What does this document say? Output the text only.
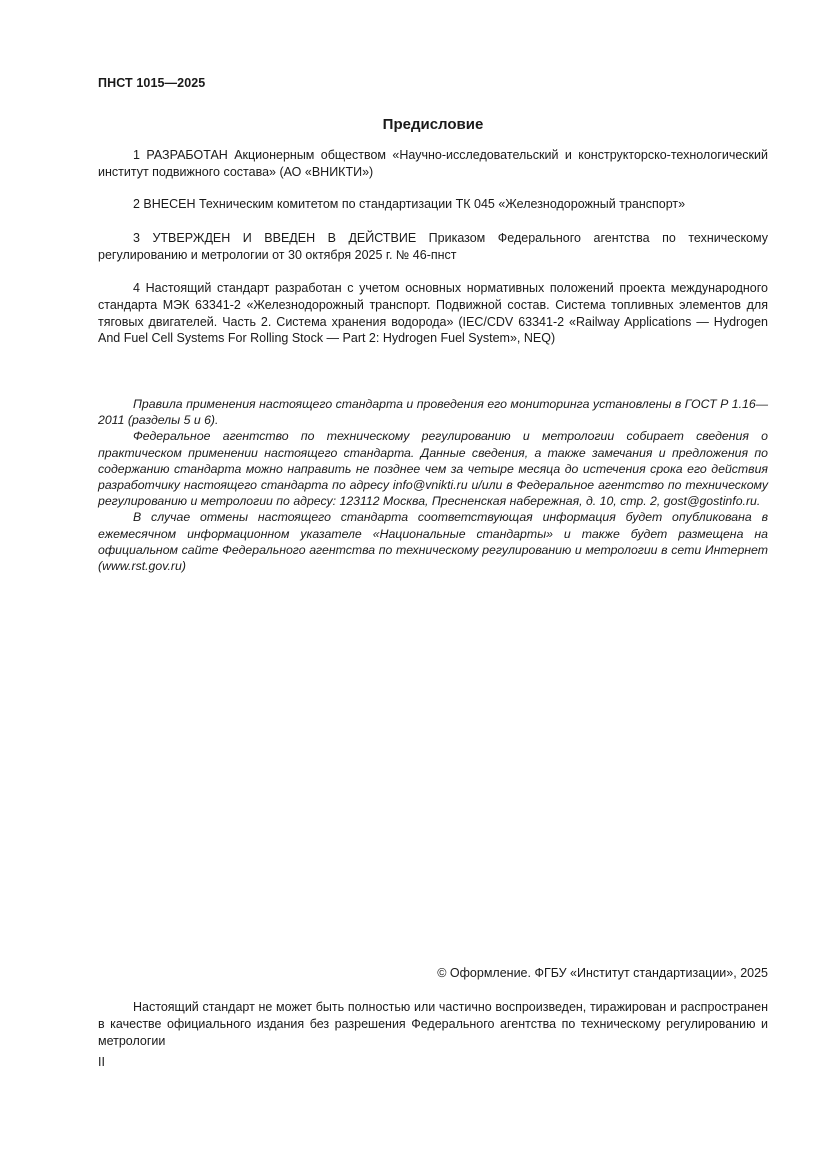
ПНСТ 1015—2025
Предисловие

1 РАЗРАБОТАН Акционерным обществом «Научно-исследовательский и конструкторско-технологический институт подвижного состава» (АО «ВНИКТИ»)

2 ВНЕСЕН Техническим комитетом по стандартизации ТК 045 «Железнодорожный транспорт»

3 УТВЕРЖДЕН И ВВЕДЕН В ДЕЙСТВИЕ Приказом Федерального агентства по техническому регулированию и метрологии от 30 октября 2025 г. № 46-пнст

4 Настоящий стандарт разработан с учетом основных нормативных положений проекта международного стандарта МЭК 63341-2 «Железнодорожный транспорт. Подвижной состав. Система топливных элементов для тяговых двигателей. Часть 2. Система хранения водорода» (IEC/CDV 63341-2 «Railway Applications — Hydrogen And Fuel Cell Systems For Rolling Stock — Part 2: Hydrogen Fuel System», NEQ)

Правила применения настоящего стандарта и проведения его мониторинга установлены в ГОСТ Р 1.16—2011 (разделы 5 и 6).

Федеральное агентство по техническому регулированию и метрологии собирает сведения о практическом применении настоящего стандарта. Данные сведения, а также замечания и предложения по содержанию стандарта можно направить не позднее чем за четыре месяца до истечения срока его действия разработчику настоящего стандарта по адресу info@vnikti.ru и/или в Федеральное агентство по техническому регулированию и метрологии по адресу: 123112 Москва, Пресненская набережная, д. 10, стр. 2, gost@gostinfo.ru.

В случае отмены настоящего стандарта соответствующая информация будет опубликована в ежемесячном информационном указателе «Национальные стандарты» и также будет размещена на официальном сайте Федерального агентства по техническому регулированию и метрологии в сети Интернет (www.rst.gov.ru)

© Оформление. ФГБУ «Институт стандартизации», 2025

Настоящий стандарт не может быть полностью или частично воспроизведен, тиражирован и распространен в качестве официального издания без разрешения Федерального агентства по техническому регулированию и метрологии

II
